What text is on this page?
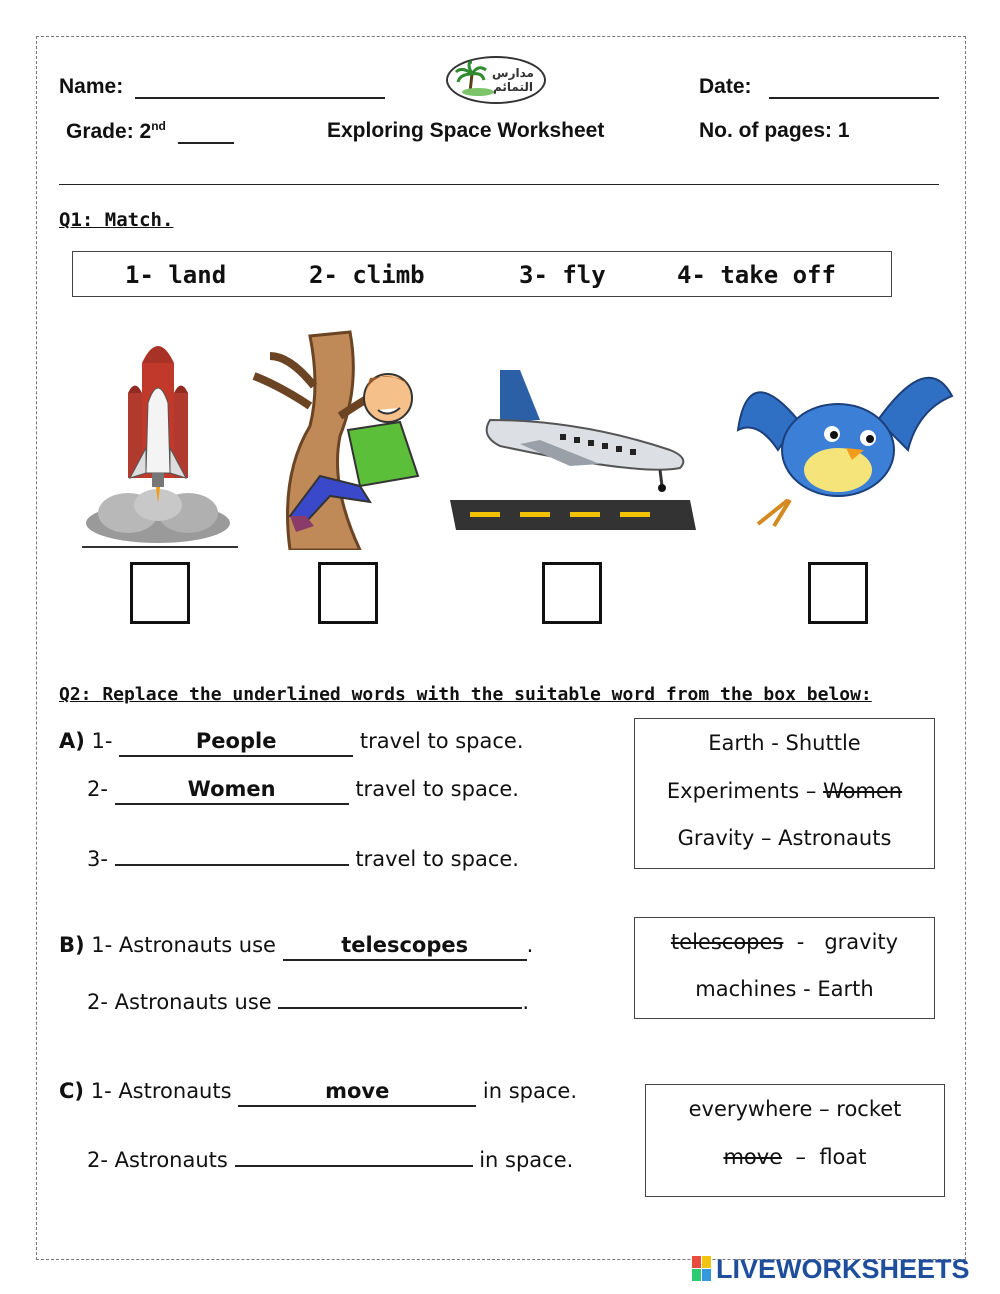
Name:
مدارس التمائم	Date:
Grade: 2nd	Exploring Space Worksheet	No. of pages: 1
Q1: Match.
1- land	2- climb	3- fly	4- take off
Q2: Replace the underlined words with the suitable word from the box below:
A) 1-	People	travel to space.
2-	Women	travel to space.
3-	travel to space.
Earth - Shuttle
Experiments – Women
Gravity – Astronauts
B) 1- Astronauts use	telescopes	.
2- Astronauts use	.
telescopes  -   gravity
machines - Earth
C) 1- Astronauts	move	in space.
2- Astronauts	in space.
everywhere – rocket
move  –  float
LIVEWORKSHEETS
